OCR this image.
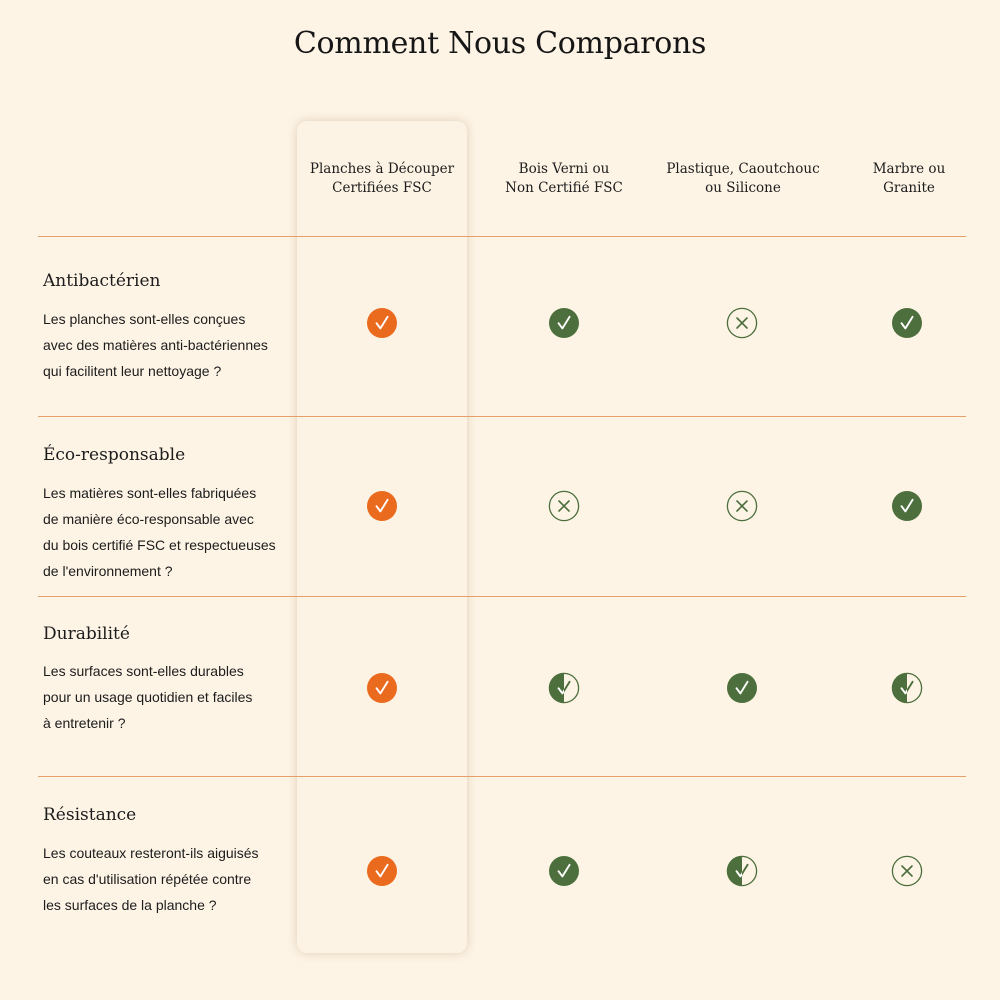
Comment Nous Comparons
Planches à Découper
Certifiées FSC
Bois Verni ou
Non Certifié FSC
Plastique, Caoutchouc
ou Silicone
Marbre ou
Granite
Antibactérien
Les planches sont-elles conçues
avec des matières anti-bactériennes
qui facilitent leur nettoyage ?
Éco-responsable
Les matières sont-elles fabriquées
de manière éco-responsable avec
du bois certifié FSC et respectueuses
de l'environnement ?
Durabilité
Les surfaces sont-elles durables
pour un usage quotidien et faciles
à entretenir ?
Résistance
Les couteaux resteront-ils aiguisés
en cas d'utilisation répétée contre
les surfaces de la planche ?
